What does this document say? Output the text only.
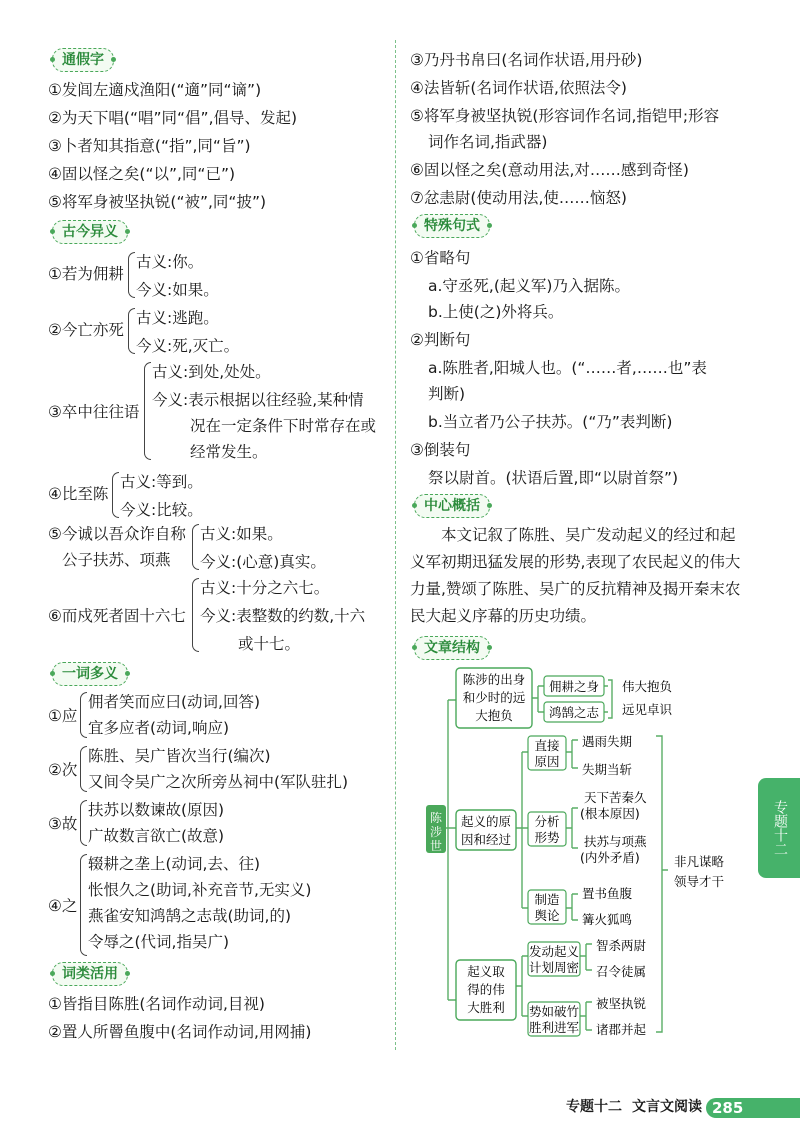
通假字
①发闾左適戍渔阳(“適”同“谪”)
②为天下唱(“唱”同“倡”,倡导、发起)
③卜者知其指意(“指”,同“旨”)
④固以怪之矣(“以”,同“已”)
⑤将军身被坚执锐(“被”,同“披”)
古今异义
①若为佣耕
古义:你。
今义:如果。
②今亡亦死
古义:逃跑。
今义:死,灭亡。
③卒中往往语
古义:到处,处处。
今义:表示根据以往经验,某种情
况在一定条件下时常存在或
经常发生。
④比至陈
古义:等到。
今义:比较。
⑤今诚以吾众诈自称
公子扶苏、项燕
古义:如果。
今义:(心意)真实。
⑥而戍死者固十六七
古义:十分之六七。
今义:表整数的约数,十六
或十七。
一词多义
①应
佣者笑而应曰(动词,回答)
宜多应者(动词,响应)
②次
陈胜、吴广皆次当行(编次)
又间令吴广之次所旁丛祠中(军队驻扎)
③故
扶苏以数谏故(原因)
广故数言欲亡(故意)
④之
辍耕之垄上(动词,去、往)
怅恨久之(助词,补充音节,无实义)
燕雀安知鸿鹄之志哉(助词,的)
令辱之(代词,指吴广)
词类活用
①皆指目陈胜(名词作动词,目视)
②置人所罾鱼腹中(名词作动词,用网捕)
③乃丹书帛曰(名词作状语,用丹砂)
④法皆斩(名词作状语,依照法令)
⑤将军身被坚执锐(形容词作名词,指铠甲;形容
词作名词,指武器)
⑥固以怪之矣(意动用法,对……感到奇怪)
⑦忿恚尉(使动用法,使……恼怒)
特殊句式
①省略句
a.守丞死,(起义军)乃入据陈。
b.上使(之)外将兵。
②判断句
a.陈胜者,阳城人也。(“……者,……也”表
判断)
b.当立者乃公子扶苏。(“乃”表判断)
③倒装句
祭以尉首。(状语后置,即“以尉首祭”)
中心概括
本文记叙了陈胜、吴广发动起义的经过和起义军初期迅猛发展的形势,表现了农民起义的伟大力量,赞颂了陈胜、吴广的反抗精神及揭开秦末农民大起义序幕的历史功绩。
文章结构
陈
涉
世
家
陈涉的出身
和少时的远
大抱负
佣耕之身
鸿鹄之志
伟大抱负
远见卓识
起义的原
因和经过
直接
原因
遇雨失期
失期当斩
分析
形势
天下苦秦久
(根本原因)
扶苏与项燕
(内外矛盾)
制造
舆论
置书鱼腹
篝火狐鸣
起义取
得的伟
大胜利
发动起义
计划周密
智杀两尉
召令徒属
势如破竹
胜利进军
被坚执锐
诸郡并起
非凡谋略
领导才干
专题十二
专题十二 文言文阅读 285
